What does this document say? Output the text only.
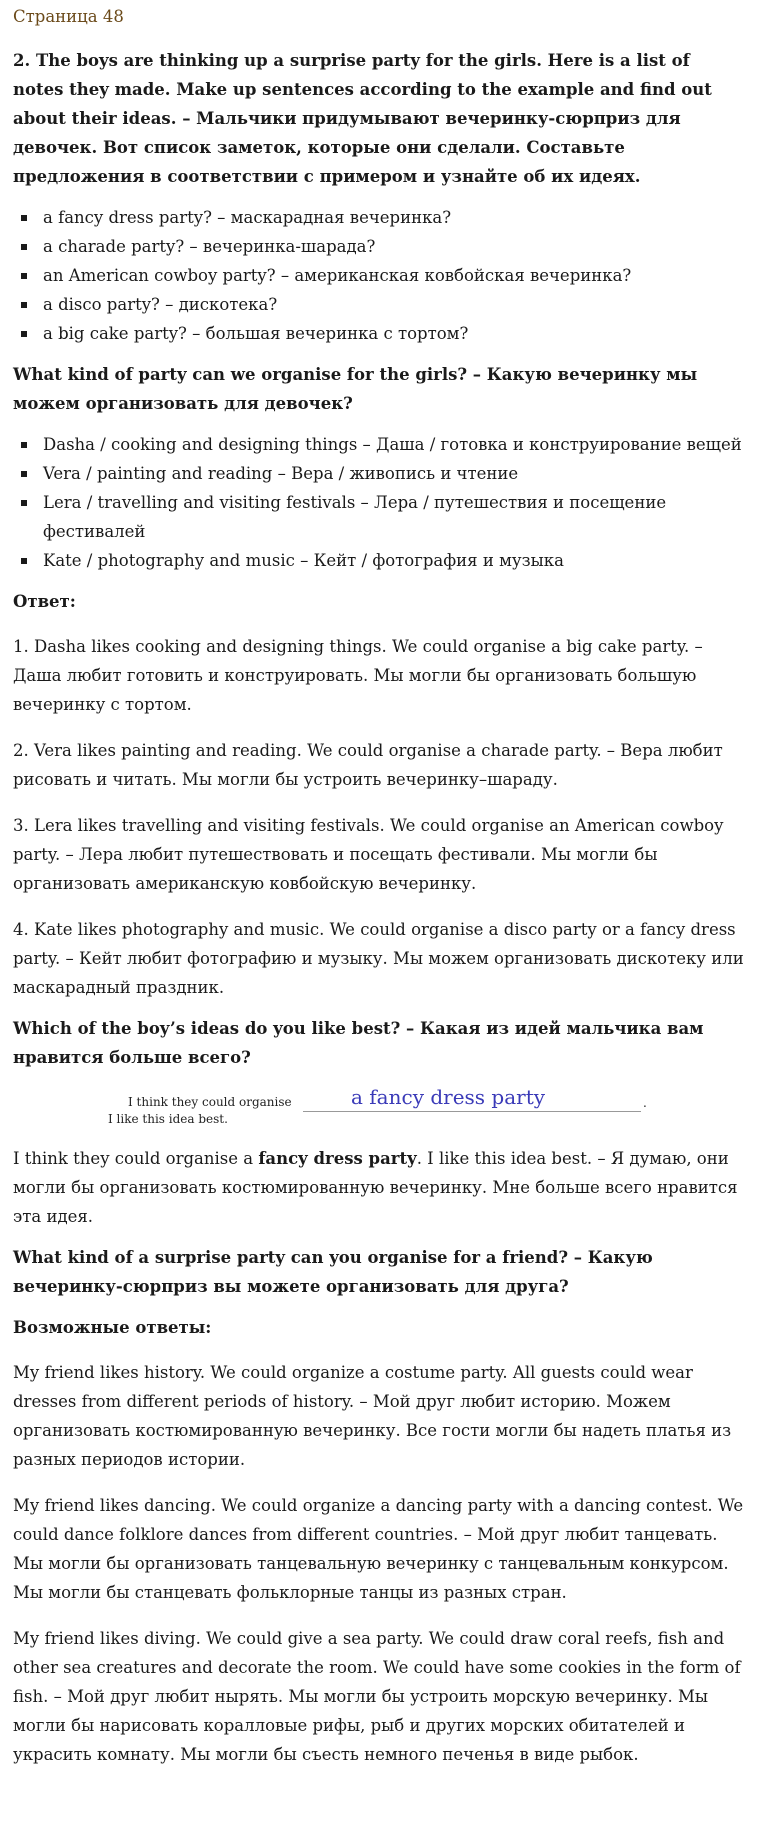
Страница 48

2. The boys are thinking up a surprise party for the girls. Here is a list of notes they made. Make up sentences according to the example and find out about their ideas. – Мальчики придумывают вечеринку-сюрприз для девочек. Вот список заметок, которые они сделали. Составьте предложения в соответствии с примером и узнайте об их идеях.

a fancy dress party? – маскарадная вечеринка?
a charade party? – вечеринка-шарада?
an American cowboy party? – американская ковбойская вечеринка?
a disco party? – дискотека?
a big cake party? – большая вечеринка с тортом?

What kind of party can we organise for the girls? – Какую вечеринку мы можем организовать для девочек?

Dasha / cooking and designing things – Даша / готовка и конструирование вещей
Vera / painting and reading – Вера / живопись и чтение
Lera / travelling and visiting festivals – Лера / путешествия и посещение фестивалей
Kate / photography and music – Кейт / фотография и музыка

Ответ:

1. Dasha likes cooking and designing things. We could organise a big cake party. – Даша любит готовить и конструировать. Мы могли бы организовать большую вечеринку с тортом.

2. Vera likes painting and reading. We could organise a charade party. – Вера любит рисовать и читать. Мы могли бы устроить вечеринку–шараду.

3. Lera likes travelling and visiting festivals. We could organise an American cowboy party. – Лера любит путешествовать и посещать фестивали. Мы могли бы организовать американскую ковбойскую вечеринку.

4. Kate likes photography and music. We could organise a disco party or a fancy dress party. – Кейт любит фотографию и музыку. Мы можем организовать дискотеку или маскарадный праздник.

Which of the boy’s ideas do you like best? – Какая из идей мальчика вам нравится больше всего?

I think they could organise
I like this idea best.
.
a fancy dress party

I think they could organise a fancy dress party. I like this idea best. – Я думаю, они могли бы организовать костюмированную вечеринку. Мне больше всего нравится эта идея.

What kind of a surprise party can you organise for a friend? – Какую вечеринку-сюрприз вы можете организовать для друга?

Возможные ответы:

My friend likes history. We could organize a costume party. All guests could wear dresses from different periods of history. – Мой друг любит историю. Можем организовать костюмированную вечеринку. Все гости могли бы надеть платья из разных периодов истории.

My friend likes dancing. We could organize a dancing party with a dancing contest. We could dance folklore dances from different countries. – Мой друг любит танцевать. Мы могли бы организовать танцевальную вечеринку с танцевальным конкурсом. Мы могли бы станцевать фольклорные танцы из разных стран.

My friend likes diving. We could give a sea party. We could draw coral reefs, fish and other sea creatures and decorate the room. We could have some cookies in the form of fish. – Мой друг любит нырять. Мы могли бы устроить морскую вечеринку. Мы могли бы нарисовать коралловые рифы, рыб и других морских обитателей и украсить комнату. Мы могли бы съесть немного печенья в виде рыбок.
